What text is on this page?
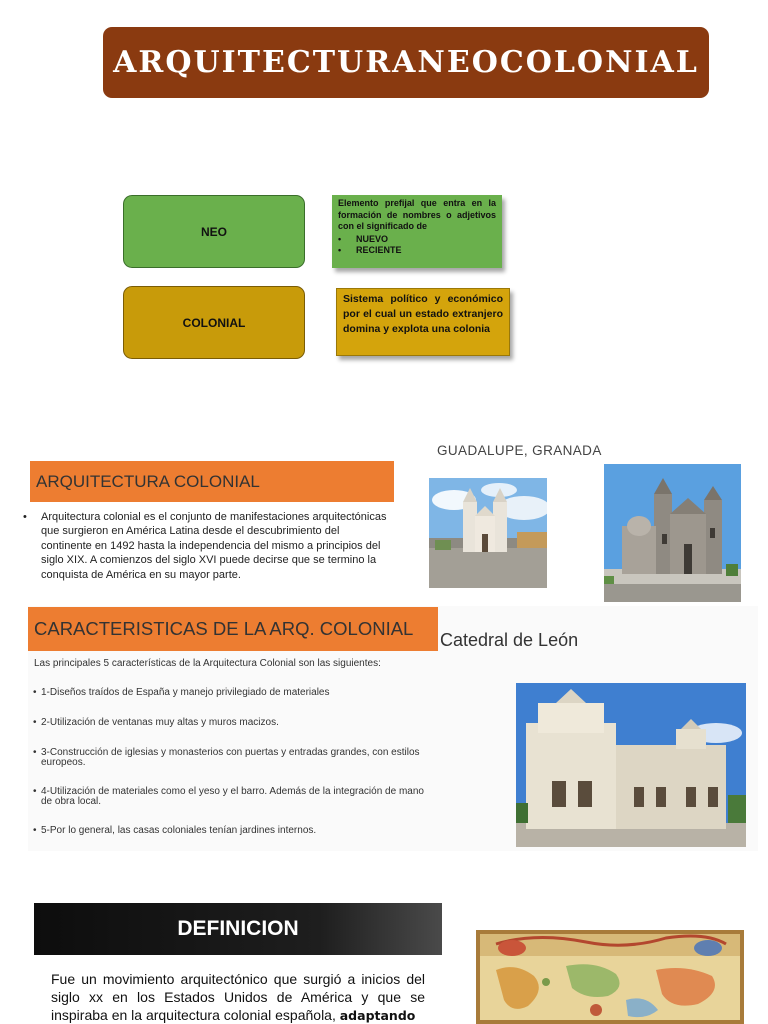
ARQUITECTURANEOCOLONIAL
NEO
Elemento prefijal que entra en la formación de nombres o adjetivos con el significado de
• NUEVO
• RECIENTE
COLONIAL
Sistema político y económico por el cual un estado extranjero domina y explota una colonia
ARQUITECTURA COLONIAL
• Arquitectura colonial es el conjunto de manifestaciones arquitectónicas que surgieron en América Latina desde el descubrimiento del continente en 1492 hasta la independencia del mismo a principios del siglo XIX. A comienzos del siglo XVI puede decirse que se termino la conquista de América en su mayor parte.
GUADALUPE, GRANADA
CARACTERISTICAS DE LA ARQ. COLONIAL
Catedral de León
Las principales 5 características de la Arquitectura Colonial son las siguientes:
• 1-Diseños traídos de España y manejo privilegiado de materiales
• 2-Utilización de ventanas muy altas y muros macizos.
• 3-Construcción de iglesias y monasterios con puertas y entradas grandes, con estilos europeos.
• 4-Utilización de materiales como el yeso y el barro. Además de la integración de mano de obra local.
• 5-Por lo general, las casas coloniales tenían jardines internos.
DEFINICION
Fue un movimiento arquitectónico que surgió a inicios del siglo xx en los Estados Unidos de América y que se inspiraba en la arquitectura colonial española, adaptando
